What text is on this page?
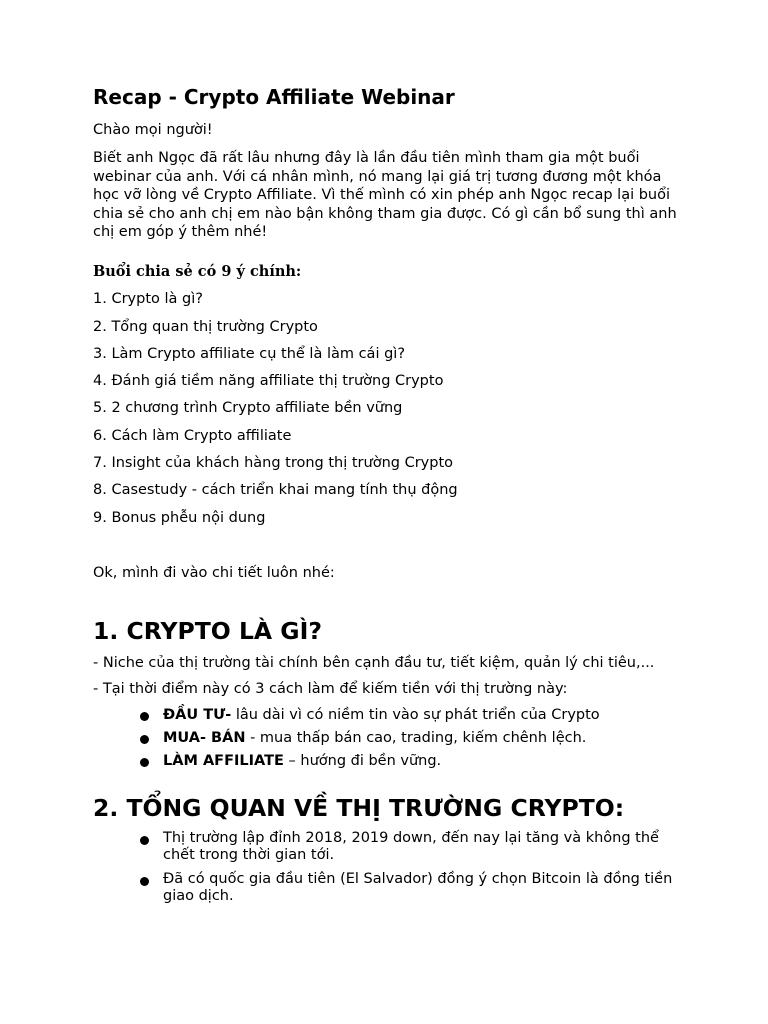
Recap - Crypto Affiliate Webinar

Chào mọi người!

Biết anh Ngọc đã rất lâu nhưng đây là lần đầu tiên mình tham gia một buổi webinar của anh. Với cá nhân mình, nó mang lại giá trị tương đương một khóa học vỡ lòng về Crypto Affiliate. Vì thế mình có xin phép anh Ngọc recap lại buổi chia sẻ cho anh chị em nào bận không tham gia được. Có gì cần bổ sung thì anh chị em góp ý thêm nhé!

Buổi chia sẻ có 9 ý chính:

1. Crypto là gì?

2. Tổng quan thị trường Crypto

3. Làm Crypto affiliate cụ thể là làm cái gì?

4. Đánh giá tiềm năng affiliate thị trường Crypto

5. 2 chương trình Crypto affiliate bền vững

6. Cách làm Crypto affiliate

7. Insight của khách hàng trong thị trường Crypto

8. Casestudy - cách triển khai mang tính thụ động

9. Bonus phễu nội dung

Ok, mình đi vào chi tiết luôn nhé:

1. CRYPTO LÀ GÌ?

- Niche của thị trường tài chính bên cạnh đầu tư, tiết kiệm, quản lý chi tiêu,...

- Tại thời điểm này có 3 cách làm để kiếm tiền với thị trường này:

ĐẦU TƯ- lâu dài vì có niềm tin vào sự phát triển của Crypto
MUA- BÁN - mua thấp bán cao, trading, kiếm chênh lệch.
LÀM AFFILIATE – hướng đi bền vững.
2. TỔNG QUAN VỀ THỊ TRƯỜNG CRYPTO:
Thị trường lập đỉnh 2018, 2019 down, đến nay lại tăng và không thể chết trong thời gian tới.
Đã có quốc gia đầu tiên (El Salvador) đồng ý chọn Bitcoin là đồng tiền giao dịch.
